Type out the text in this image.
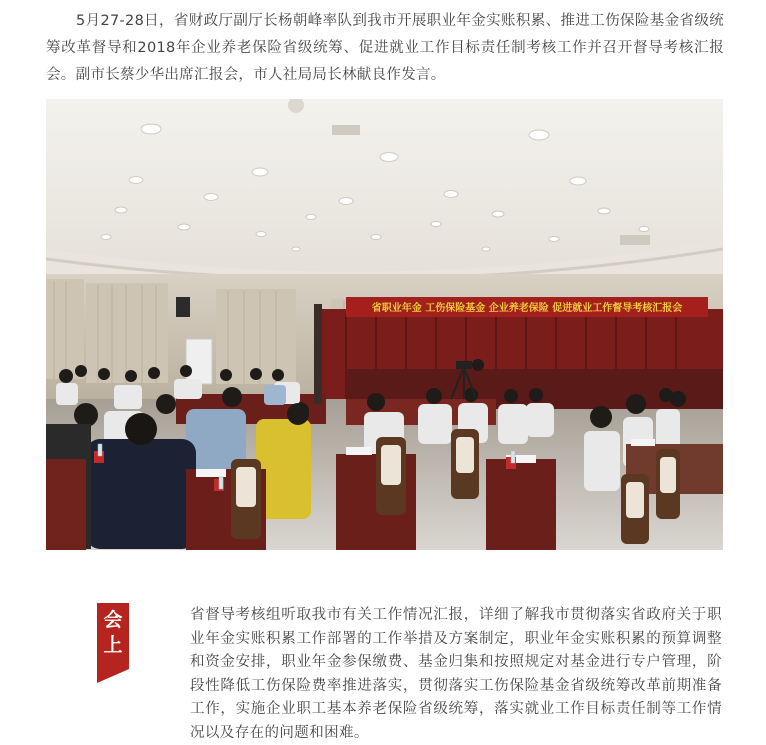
5月27-28日，省财政厅副厅长杨朝峰率队到我市开展职业年金实账积累、推进工伤保险基金省级统筹改革督导和2018年企业养老保险省级统筹、促进就业工作目标责任制考核工作并召开督导考核汇报会。副市长蔡少华出席汇报会，市人社局局长林献良作发言。

省职业年金 工伤保险基金 企业养老保险 促进就业工作督导考核汇报会
会
上

省督导考核组听取我市有关工作情况汇报，详细了解我市贯彻落实省政府关于职业年金实账积累工作部署的工作举措及方案制定，职业年金实账积累的预算调整和资金安排，职业年金参保缴费、基金归集和按照规定对基金进行专户管理，阶段性降低工伤保险费率推进落实，贯彻落实工伤保险基金省级统筹改革前期准备工作，实施企业职工基本养老保险省级统筹，落实就业工作目标责任制等工作情况以及存在的问题和困难。
